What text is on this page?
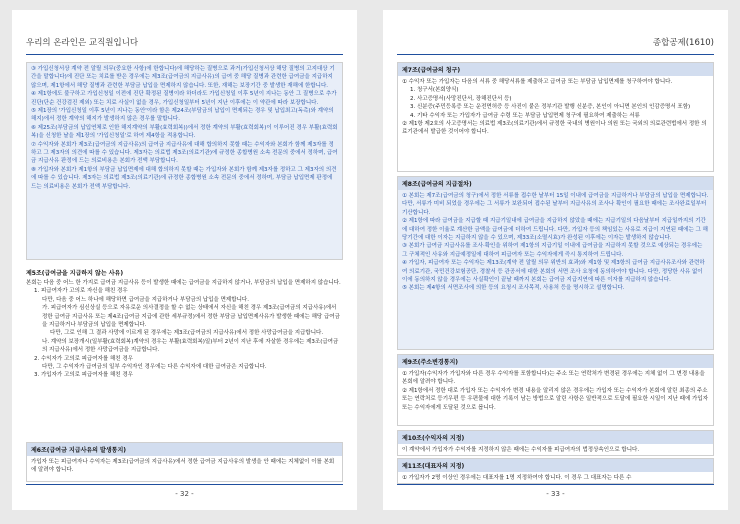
우리의 온라인은 교직원입니다
③ 가입신청서상 계약 전 알릴 의무(중요한 사항)에 한합니다)에 해당하는 질병으로 과거(가입신청서상 해당 질병의 고지대상 기간을 말합니다)에 진단 또는 치료를 받은 경우에는 제3조(급여금의 지급사유)의 급여 중 해당 질병과 관련한 급여금을 지급하지 않으며, 제1항에서 해당 질병과 관련한 부담금 납입을 면제하지 않습니다. 또한, 재해는 보장기간 중 발생한 재해에 한합니다.
④ 제1항에도 불구하고 가입신청일 이전에 진단 확정된 질병이라 하더라도 가입신청일 이후 5년이 지나는 동안 그 질병으로 추가 진단(단순 건강검진 제외) 또는 치료 사실이 없을 경우, 가입신청일부터 5년이 지난 이후에는 이 약관에 따라 보장합니다.
⑤ 제1장의 '가입신청일 이후 5년이 지나는 동안'이라 함은 제24조(부담금의 납입이 면제되는 경우 및 납입최고(독촉)와 계약의 해지)에서 정한 계약의 해지가 발생하지 않은 경우를 말합니다.
⑥ 제25조(부담금의 납입연체로 인한 해지계약의 부활(효력회복))에서 정한 계약의 부활(효력회복)이 이루어진 경우 부활(효력회복)을 신청한 날을 제1장의 '가입신청일'로 하여 제4항을 적용합니다.
⑦ 수익자와 본회가 제3조(급여금의 지급사유)의 급여금 지급사유에 대해 합의하지 못할 때는 수익자와 본회가 함께 제3자를 정하고 그 제3자의 의견에 따를 수 있습니다. 제3자는 의료법 제3조(의료기관)에 규정한 종합병원 소속 전문의 중에서 정하며, 급여금 지급사유 판정에 드는 의료비용은 본회가 전액 부담합니다.
⑧ 가입자와 본회가 제1항의 부담금 납입면제에 대해 합의하지 못할 때는 가입자와 본회가 함께 제3자를 정하고 그 제3자의 의견에 따를 수 있습니다. 제3자는 의료법 제3조(의료기관)에 규정한 종합병원 소속 전문의 중에서 정하며, 부담금 납입면제 판정에 드는 의료비용은 본회가 전액 부담합니다.
제5조(급여금을 지급하지 않는 사유)
본회는 다음 중 어느 한 가지로 급여금 지급사유 등이 발생한 때에는 급여금을 지급하지 않거나, 부담금의 납입을 면제하지 않습니다.
1. 피급여자가 고의로 자신을 해친 경우
다만, 다음 중 어느 하나에 해당하면 급여금을 지급하거나 부담금의 납입을 면제합니다.
가. 피급여자가 심신상실 등으로 자유로운 의사결정을 할 수 없는 상태에서 자신을 해친 경우 제3조(급여금의 지급사유)에서 정한 급여금 지급사유 또는 제4조(급여금 지급에 관한 세부규정)에서 정한 부담금 납입면제사유가 발생한 때에는 해당 급여금을 지급하거나 부담금의 납입을 면제합니다.
다만, 그로 인해 그 결과 사망에 이르게 된 경우에는 제3조(급여금의 지급사유)에서 정한 사망급여금을 지급합니다.
나. 계약의 보장개시(일부활(효력회복)계약의 경우는 부활(효력회복)일)부터 2년이 지난 후에 자살한 경우에는 제3조(급여금의 지급사유)에서 정한 사망급여금을 지급합니다.
2. 수익자가 고의로 피급여자를 해친 경우
다만, 그 수익자가 급여금의 일부 수익자인 경우에는 다른 수익자에 대한 급여금은 지급합니다.
3. 가입자가 고의로 피급여자를 해친 경우
제6조(급여금 지급사유의 발생통지)
가입자 또는 피급여자나 수익자는 제3조(급여금의 지급사유)에서 정한 급여금 지급사유의 발생을 안 때에는 지체없이 이를 본회에 알려야 합니다.
- 32 -
종합공제(1610)
제7조(급여금의 청구)
① 수익자 또는 가입자는 다음의 서류 중 해당서류를 제출하고 급여금 또는 부담금 납입면제를 청구하여야 합니다.
1. 청구서(본회양식)
2. 사고증명서(사망진단서, 장해진단서 등)
3. 신분증(주민등록증 또는 운전면허증 등 사진이 붙은 정부기관 발행 신분증, 본인이 아니면 본인의 인감증명서 포함)
4. 기타 수익자 또는 가입자가 급여금 수령 또는 부담금 납입면제 청구에 필요하여 제출하는 서류
② 제1항 제2호의 사고증명서는 의료법 제3조(의료기관)에서 규정한 국내의 병원이나 의원 또는 국외의 의료관련법에서 정한 의료기관에서 발급한 것이어야 합니다.
제8조(급여금의 지급절차)
① 본회는 제7조(급여금의 청구)에서 정한 서류를 접수한 날부터 15일 이내에 급여금을 지급하거나 부담금의 납입을 면제합니다. 다만, 서류가 미비 되었을 경우에는 그 서류가 보완되어 접수된 날부터 지급사유의 조사나 확인이 필요한 때에는 조사완료일부터 기산합니다.
② 제1항에 따라 급여금을 지급할 때 지급기일내에 급여금을 지급하지 않았을 때에는 지급기일의 다음날부터 지급일까지의 기간에 대하여 정한 이율로 계산한 금액을 급여금에 더하여 드립니다. 다만, 가입자 등의 책임있는 사유로 지급이 지연된 때에는 그 해당기간에 대한 이자는 지급하지 않을 수 있으며, 제33조(소멸시효)가 완성된 이후에는 이자는 발생하지 않습니다.
③ 본회가 급여금 지급사유를 조사·확인을 위하여 제1항의 지급기일 이내에 급여금을 지급하지 못할 것으로 예상되는 경우에는 그 구체적인 사유와 지급예정일에 대하여 피급여자 또는 수익자에게 즉시 통지하여 드립니다.
④ 가입자, 피급여자 또는 수익자는 제13조(계약 전 알릴 의무 위반의 효과)와 제1항 및 제3항의 급여금 지급사유조사와 관련하여 의료기관, 국민건강보험공단, 경찰서 등 관공서에 대한 본회의 서면 조사 요청에 동의하여야 합니다. 다만, 정당한 사유 없이 이에 동의하지 않을 경우에는 사실확인이 끝날 때까지 본회는 급여금 지급지연에 따른 이자를 지급하지 않습니다.
⑤ 본회는 제4항의 서면조사에 의한 등의 요청시 조사목적, 사용처 등을 명시하고 설명합니다.
제9조(주소변경통지)
① 가입자(수익자가 가입자와 다른 경우 수익자를 포함합니다)는 주소 또는 연락처가 변경된 경우에는 지체 없이 그 변경 내용을 본회에 알려야 합니다.
② 제1항에서 정한 대로 가입자 또는 수익자가 변경 내용을 알리지 않은 경우에는 가입자 또는 수익자가 본회에 알린 최종의 주소 또는 연락처로 등기우편 등 우편물에 대한 기록이 남는 방법으로 알린 사항은 일반적으로 도달에 필요한 시일이 지난 때에 가입자 또는 수익자에게 도달된 것으로 봅니다.
제10조(수익자의 지정)
이 계약에서 가입자가 수익자를 지정하지 않은 때에는 수익자를 피급여자의 법정상속인으로 합니다.
제11조(대표자의 지정)
① 가입자가 2명 이상인 경우에는 대표자를 1명 지정하여야 합니다. 이 경우 그 대표자는 다른 수
- 33 -
